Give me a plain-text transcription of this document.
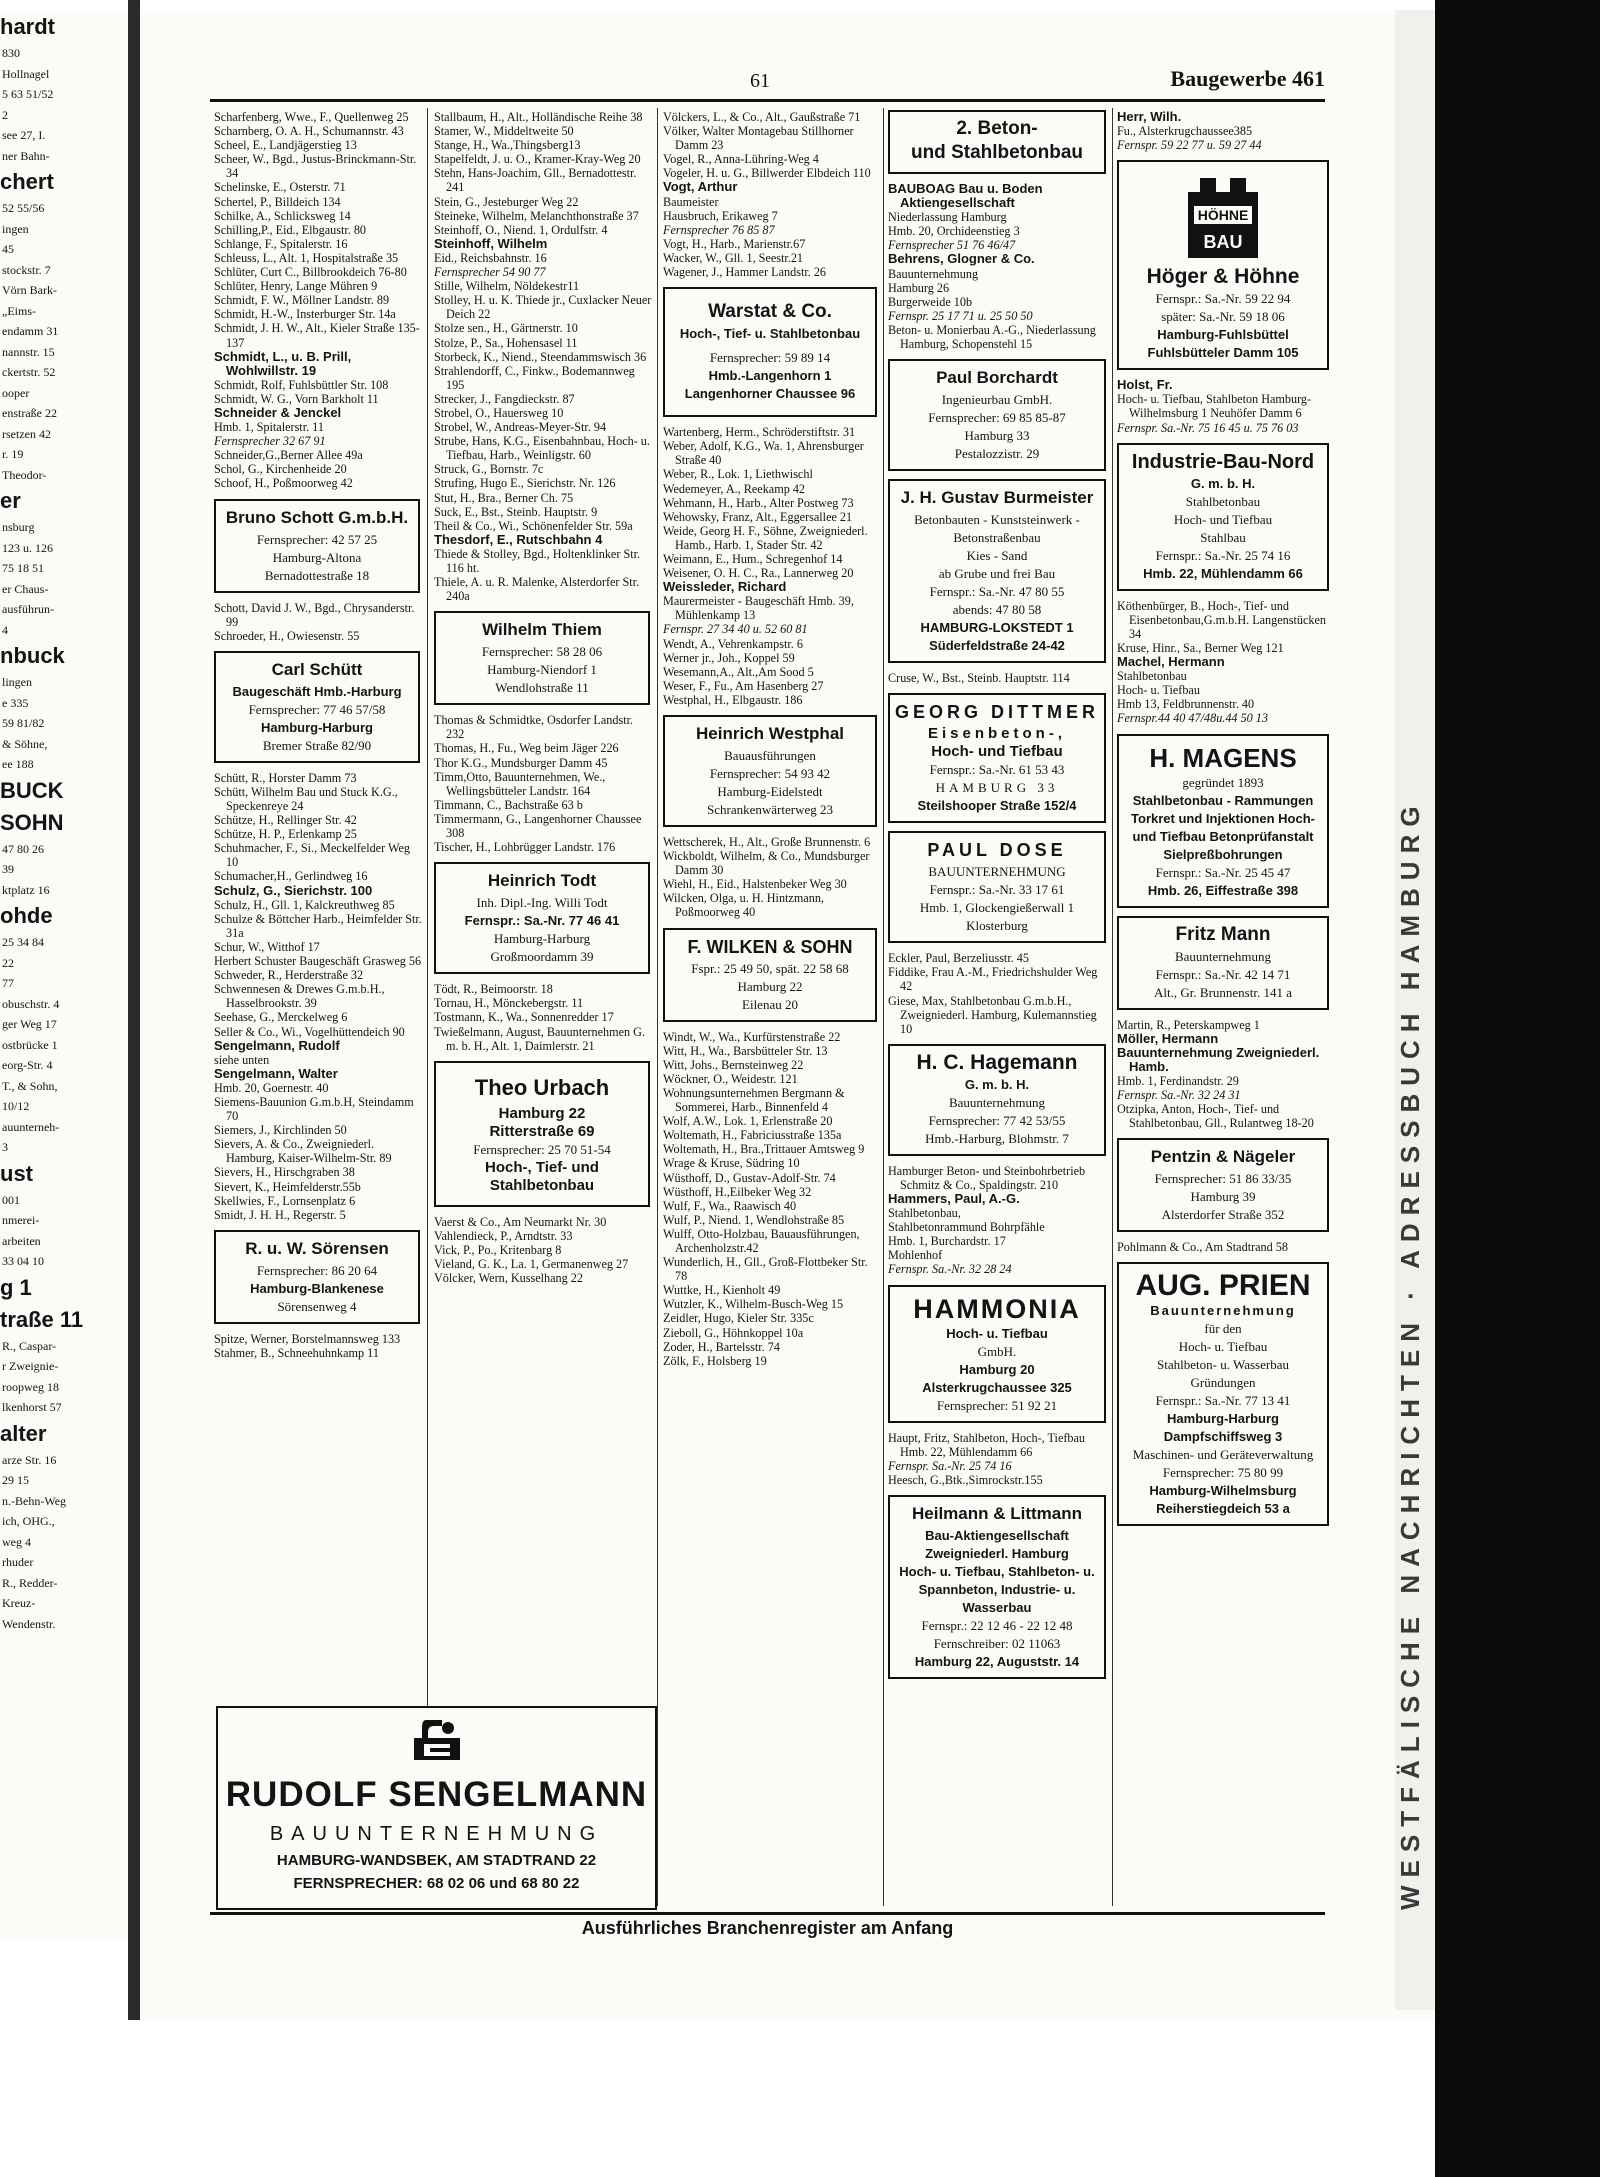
hardt
830
Hollnagel
5 63 51/52
2
see 27, I.
ner Bahn-
chert
52 55/56
ingen
45
stockstr. 7
Vörn Bark-
„Eims-
endamm 31
nannstr. 15
ckertstr. 52
ooper
enstraße 22
rsetzen 42
r. 19
Theodor-
er
nsburg
123 u. 126
75 18 51
er Chaus-
ausführun-
4
nbuck
lingen
e 335
59 81/82
& Söhne,
ee 188
BUCK
SOHN
47 80 26
39
ktplatz 16
ohde
25 34 84
22
77
obuschstr. 4
ger Weg 17
ostbrücke 1
eorg-Str. 4
T., & Sohn,
10/12
auunterneh-
3
ust
001
nmerei-
arbeiten
33 04 10
g 1
traße 11
R., Caspar-
r Zweignie-
roopweg 18
lkenhorst 57
alter
arze Str. 16
29 15
n.-Behn-Weg
ich, OHG.,
weg 4
rhuder
R., Redder-
Kreuz-
Wendenstr.	WESTFÄLISCHE NACHRICHTEN · ADRESSBUCH HAMBURG
61	Baugewerbe 461
Scharfenberg, Wwe., F., Quellenweg 25
Scharnberg, O. A. H., Schumannstr. 43
Scheel, E., Landjägerstieg 13
Scheer, W., Bgd., Justus-Brinckmann-Str. 34
Schelinske, E., Osterstr. 71
Schertel, P., Billdeich 134
Schilke, A., Schlicksweg 14
Schilling,P., Eid., Elbgaustr. 80
Schlange, F., Spitalerstr. 16
Schleuss, L., Alt. 1, Hospitalstraße 35
Schlüter, Curt C., Billbrookdeich 76-80
Schlüter, Henry, Lange Mühren 9
Schmidt, F. W., Möllner Landstr. 89
Schmidt, H.-W., Insterburger Str. 14a
Schmidt, J. H. W., Alt., Kieler Straße 135-137
Schmidt, L., u. B. Prill, Wohlwillstr. 19
Schmidt, Rolf, Fuhlsbüttler Str. 108
Schmidt, W. G., Vorn Barkholt 11
Schneider & Jenckel
Hmb. 1, Spitalerstr. 11
Fernsprecher 32 67 91
Schneider,G.,Berner Allee 49a
Schol, G., Kirchenheide 20
Schoof, H., Poßmoorweg 42
Bruno Schott G.m.b.H.
Fernsprecher: 42 57 25
Hamburg-Altona
Bernadottestraße 18
Schott, David J. W., Bgd., Chrysanderstr. 99
Schroeder, H., Owiesenstr. 55
Carl Schütt
Baugeschäft Hmb.-Harburg
Fernsprecher: 77 46 57/58
Hamburg-Harburg
Bremer Straße 82/90
Schütt, R., Horster Damm 73
Schütt, Wilhelm Bau und Stuck K.G., Speckenreye 24
Schütze, H., Rellinger Str. 42
Schütze, H. P., Erlenkamp 25
Schuhmacher, F., Si., Meckelfelder Weg 10
Schumacher,H., Gerlindweg 16
Schulz, G., Sierichstr. 100
Schulz, H., Gll. 1, Kalckreuthweg 85
Schulze & Böttcher Harb., Heimfelder Str. 31a
Schur, W., Witthof 17
Herbert Schuster Baugeschäft Grasweg 56
Schweder, R., Herderstraße 32
Schwennesen & Drewes G.m.b.H., Hasselbrookstr. 39
Seehase, G., Merckelweg 6
Seller & Co., Wi., Vogelhüttendeich 90
Sengelmann, Rudolf
siehe unten
Sengelmann, Walter
Hmb. 20, Goernestr. 40
Siemens-Bauunion G.m.b.H, Steindamm 70
Siemers, J., Kirchlinden 50
Sievers, A. & Co., Zweigniederl. Hamburg, Kaiser-Wilhelm-Str. 89
Sievers, H., Hirschgraben 38
Sievert, K., Heimfelderstr.55b
Skellwies, F., Lornsenplatz 6
Smidt, J. H. H., Regerstr. 5
R. u. W. Sörensen
Fernsprecher: 86 20 64
Hamburg-Blankenese
Sörensenweg 4
Spitze, Werner, Borstelmannsweg 133
Stahmer, B., Schneehuhnkamp 11
Stallbaum, H., Alt., Holländische Reihe 38
Stamer, W., Middeltweite 50
Stange, H., Wa.,Thingsberg13
Stapelfeldt, J. u. O., Kramer-Kray-Weg 20
Stehn, Hans-Joachim, Gll., Bernadottestr. 241
Stein, G., Jesteburger Weg 22
Steineke, Wilhelm, Melanchthonstraße 37
Steinhoff, O., Niend. 1, Ordulfstr. 4
Steinhoff, Wilhelm
Eid., Reichsbahnstr. 16
Fernsprecher 54 90 77
Stille, Wilhelm, Nöldekestr11
Stolley, H. u. K. Thiede jr., Cuxlacker Neuer Deich 22
Stolze sen., H., Gärtnerstr. 10
Stolze, P., Sa., Hohensasel 11
Storbeck, K., Niend., Steendammswisch 36
Strahlendorff, C., Finkw., Bodemannweg 195
Strecker, J., Fangdieckstr. 87
Strobel, O., Hauersweg 10
Strobel, W., Andreas-Meyer-Str. 94
Strube, Hans, K.G., Eisenbahnbau, Hoch- u. Tiefbau, Harb., Weinligstr. 60
Struck, G., Bornstr. 7c
Strufing, Hugo E., Sierichstr. Nr. 126
Stut, H., Bra., Berner Ch. 75
Suck, E., Bst., Steinb. Hauptstr. 9
Theil & Co., Wi., Schönenfelder Str. 59a
Thesdorf, E., Rutschbahn 4
Thiede & Stolley, Bgd., Holtenklinker Str. 116 ht.
Thiele, A. u. R. Malenke, Alsterdorfer Str. 240a
Wilhelm Thiem
Fernsprecher: 58 28 06
Hamburg-Niendorf 1
Wendlohstraße 11
Thomas & Schmidtke, Osdorfer Landstr. 232
Thomas, H., Fu., Weg beim Jäger 226
Thor K.G., Mundsburger Damm 45
Timm,Otto, Bauunternehmen, We., Wellingsbütteler Landstr. 164
Timmann, C., Bachstraße 63 b
Timmermann, G., Langenhorner Chaussee 308
Tischer, H., Lohbrügger Landstr. 176
Heinrich Todt
Inh. Dipl.-Ing. Willi Todt
Fernspr.: Sa.-Nr. 77 46 41
Hamburg-Harburg
Großmoordamm 39
Tödt, R., Beimoorstr. 18
Tornau, H., Mönckebergstr. 11
Tostmann, K., Wa., Sonnenredder 17
Twießelmann, August, Bauunternehmen G. m. b. H., Alt. 1, Daimlerstr. 21
Theo Urbach
Hamburg 22
Ritterstraße 69
Fernsprecher: 25 70 51-54
Hoch-, Tief- und
Stahlbetonbau
Vaerst & Co., Am Neumarkt Nr. 30
Vahlendieck, P., Arndtstr. 33
Vick, P., Po., Kritenbarg 8
Vieland, G. K., La. 1, Germanenweg 27
Völcker, Wern, Kusselhang 22
Völckers, L., & Co., Alt., Gaußstraße 71
Völker, Walter Montagebau Stillhorner Damm 23
Vogel, R., Anna-Lühring-Weg 4
Vogeler, H. u. G., Billwerder Elbdeich 110
Vogt, Arthur
Baumeister
Hausbruch, Erikaweg 7
Fernsprecher 76 85 87
Vogt, H., Harb., Marienstr.67
Wacker, W., Gll. 1, Seestr.21
Wagener, J., Hammer Landstr. 26
Warstat & Co.
Hoch-, Tief- u. Stahlbetonbau
Fernsprecher: 59 89 14
Hmb.-Langenhorn 1
Langenhorner Chaussee 96
Wartenberg, Herm., Schröderstiftstr. 31
Weber, Adolf, K.G., Wa. 1, Ahrensburger Straße 40
Weber, R., Lok. 1, Liethwischl
Wedemeyer, A., Reekamp 42
Wehmann, H., Harb., Alter Postweg 73
Wehowsky, Franz, Alt., Eggersallee 21
Weide, Georg H. F., Söhne, Zweigniederl. Hamb., Harb. 1, Stader Str. 42
Weimann, E., Hum., Schregenhof 14
Weisener, O. H. C., Ra., Lannerweg 20
Weissleder, Richard
Maurermeister - Baugeschäft Hmb. 39, Mühlenkamp 13
Fernspr. 27 34 40 u. 52 60 81
Wendt, A., Vehrenkampstr. 6
Werner jr., Joh., Koppel 59
Wesemann,A., Alt.,Am Sood 5
Weser, F., Fu., Am Hasenberg 27
Westphal, H., Elbgaustr. 186
Heinrich Westphal
Bauausführungen
Fernsprecher: 54 93 42
Hamburg-Eidelstedt
Schrankenwärterweg 23
Wettscherek, H., Alt., Große Brunnenstr. 6
Wickboldt, Wilhelm, & Co., Mundsburger Damm 30
Wiehl, H., Eid., Halstenbeker Weg 30
Wilcken, Olga, u. H. Hintzmann, Poßmoorweg 40
F. WILKEN & SOHN
Fspr.: 25 49 50, spät. 22 58 68
Hamburg 22
Eilenau 20
Windt, W., Wa., Kurfürstenstraße 22
Witt, H., Wa., Barsbütteler Str. 13
Witt, Johs., Bernsteinweg 22
Wöckner, O., Weidestr. 121
Wohnungsunternehmen Bergmann & Sommerei, Harb., Binnenfeld 4
Wolf, A.W., Lok. 1, Erlenstraße 20
Woltemath, H., Fabriciusstraße 135a
Woltemath, H., Bra.,Trittauer Amtsweg 9
Wrage & Kruse, Südring 10
Wüsthoff, D., Gustav-Adolf-Str. 74
Wüsthoff, H.,Eilbeker Weg 32
Wulf, F., Wa., Raawisch 40
Wulf, P., Niend. 1, Wendlohstraße 85
Wulff, Otto-Holzbau, Bauausführungen, Archenholzstr.42
Wunderlich, H., Gll., Groß-Flottbeker Str. 78
Wuttke, H., Kienholt 49
Wutzler, K., Wilhelm-Busch-Weg 15
Zeidler, Hugo, Kieler Str. 335c
Zieboll, G., Höhnkoppel 10a
Zoder, H., Bartelsstr. 74
Zölk, F., Holsberg 19
2. Beton-
und Stahlbetonbau
BAUBOAG Bau u. Boden Aktiengesellschaft
Niederlassung Hamburg
Hmb. 20, Orchideenstieg 3
Fernsprecher 51 76 46/47
Behrens, Glogner & Co.
Bauunternehmung
Hamburg 26
Burgerweide 10b
Fernspr. 25 17 71 u. 25 50 50
Beton- u. Monierbau A.-G., Niederlassung Hamburg, Schopenstehl 15
Paul Borchardt
Ingenieurbau GmbH.
Fernsprecher: 69 85 85-87
Hamburg 33
Pestalozzistr. 29
J. H. Gustav Burmeister
Betonbauten - Kunststeinwerk - Betonstraßenbau
Kies - Sand
ab Grube und frei Bau
Fernspr.: Sa.-Nr. 47 80 55
abends: 47 80 58
HAMBURG-LOKSTEDT 1
Süderfeldstraße 24-42
Cruse, W., Bst., Steinb. Hauptstr. 114
GEORG DITTMER
Eisenbeton-,
Hoch- und Tiefbau
Fernspr.: Sa.-Nr. 61 53 43
HAMBURG 33
Steilshooper Straße 152/4
PAUL DOSE
BAUUNTERNEHMUNG
Fernspr.: Sa.-Nr. 33 17 61
Hmb. 1, Glockengießerwall 1
Klosterburg
Eckler, Paul, Berzeliusstr. 45
Fiddike, Frau A.-M., Friedrichshulder Weg 42
Giese, Max, Stahlbetonbau G.m.b.H., Zweigniederl. Hamburg, Kulemannstieg 10
H. C. Hagemann
G. m. b. H.
Bauunternehmung
Fernsprecher: 77 42 53/55
Hmb.-Harburg, Blohmstr. 7
Hamburger Beton- und Steinbohrbetrieb Schmitz & Co., Spaldingstr. 210
Hammers, Paul, A.-G.
Stahlbetonbau,
Stahlbetonrammund Bohrpfähle
Hmb. 1, Burchardstr. 17
Mohlenhof
Fernspr. Sa.-Nr. 32 28 24
HAMMONIA
Hoch- u. Tiefbau
GmbH.
Hamburg 20
Alsterkrugchaussee 325
Fernsprecher: 51 92 21
Haupt, Fritz, Stahlbeton, Hoch-, Tiefbau Hmb. 22, Mühlendamm 66
Fernspr. Sa.-Nr. 25 74 16
Heesch, G.,Btk.,Simrockstr.155
Heilmann & Littmann
Bau-Aktiengesellschaft
Zweigniederl. Hamburg
Hoch- u. Tiefbau, Stahlbeton- u. Spannbeton, Industrie- u. Wasserbau
Fernspr.: 22 12 46 - 22 12 48
Fernschreiber: 02 11063
Hamburg 22, Auguststr. 14
Herr, Wilh.
Fu., Alsterkrugchaussee385
Fernspr. 59 22 77 u. 59 27 44
HÖHNE
BAU
Höger & Höhne
Fernspr.: Sa.-Nr. 59 22 94
später: Sa.-Nr. 59 18 06
Hamburg-Fuhlsbüttel
Fuhlsbütteler Damm 105
Holst, Fr.
Hoch- u. Tiefbau, Stahlbeton Hamburg-Wilhelmsburg 1 Neuhöfer Damm 6
Fernspr. Sa.-Nr. 75 16 45 u. 75 76 03
Industrie-Bau-Nord
G. m. b. H.
Stahlbetonbau
Hoch- und Tiefbau
Stahlbau
Fernspr.: Sa.-Nr. 25 74 16
Hmb. 22, Mühlendamm 66
Köthenbürger, B., Hoch-, Tief- und Eisenbetonbau,G.m.b.H. Langenstücken 34
Kruse, Hinr., Sa., Berner Weg 121
Machel, Hermann
Stahlbetonbau
Hoch- u. Tiefbau
Hmb 13, Feldbrunnenstr. 40
Fernspr.44 40 47/48u.44 50 13
H. MAGENS
gegründet 1893
Stahlbetonbau - Rammungen Torkret und Injektionen Hoch- und Tiefbau Betonprüfanstalt Sielpreßbohrungen
Fernspr.: Sa.-Nr. 25 45 47
Hmb. 26, Eiffestraße 398
Fritz Mann
Bauunternehmung
Fernspr.: Sa.-Nr. 42 14 71
Alt., Gr. Brunnenstr. 141 a
Martin, R., Peterskampweg 1
Möller, Hermann
Bauunternehmung Zweigniederl. Hamb.
Hmb. 1, Ferdinandstr. 29
Fernspr. Sa.-Nr. 32 24 31
Otzipka, Anton, Hoch-, Tief- und Stahlbetonbau, Gll., Rulantweg 18-20
Pentzin & Nägeler
Fernsprecher: 51 86 33/35
Hamburg 39
Alsterdorfer Straße 352
Pohlmann & Co., Am Stadtrand 58
AUG. PRIEN
Bauunternehmung
für den
Hoch- u. Tiefbau
Stahlbeton- u. Wasserbau
Gründungen
Fernspr.: Sa.-Nr. 77 13 41
Hamburg-Harburg
Dampfschiffsweg 3
Maschinen- und Geräteverwaltung
Fernsprecher: 75 80 99
Hamburg-Wilhelmsburg
Reiherstiegdeich 53 a
RUDOLF SENGELMANN
BAUUNTERNEHMUNG
HAMBURG-WANDSBEK, AM STADTRAND 22
FERNSPRECHER: 68 02 06 und 68 80 22
Ausführliches Branchenregister am Anfang
